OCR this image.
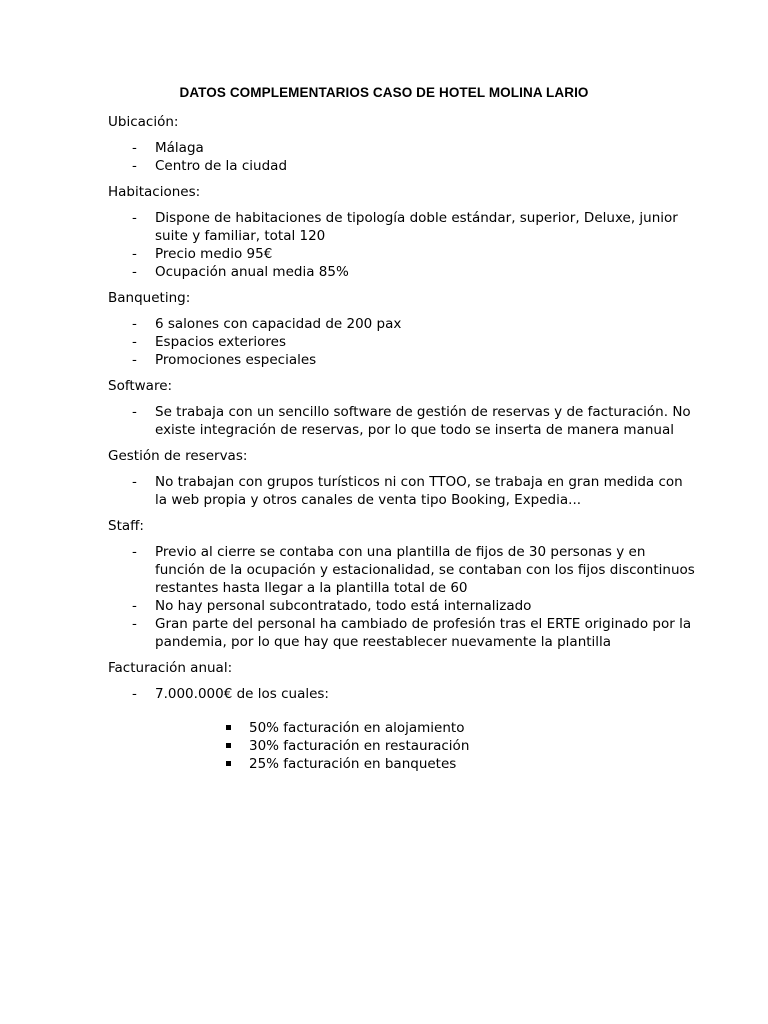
DATOS COMPLEMENTARIOS CASO DE HOTEL MOLINA LARIO
Ubicación:
- Málaga
- Centro de la ciudad
Habitaciones:
- Dispone de habitaciones de tipología doble estándar, superior, Deluxe, junior
suite y familiar, total 120
- Precio medio 95€
- Ocupación anual media 85%
Banqueting:
- 6 salones con capacidad de 200 pax
- Espacios exteriores
- Promociones especiales
Software:
- Se trabaja con un sencillo software de gestión de reservas y de facturación. No
existe integración de reservas, por lo que todo se inserta de manera manual
Gestión de reservas:
- No trabajan con grupos turísticos ni con TTOO, se trabaja en gran medida con
la web propia y otros canales de venta tipo Booking, Expedia...
Staff:
- Previo al cierre se contaba con una plantilla de fijos de 30 personas y en
función de la ocupación y estacionalidad, se contaban con los fijos discontinuos
restantes hasta llegar a la plantilla total de 60
- No hay personal subcontratado, todo está internalizado
- Gran parte del personal ha cambiado de profesión tras el ERTE originado por la
pandemia, por lo que hay que reestablecer nuevamente la plantilla
Facturación anual:
- 7.000.000€ de los cuales:
50% facturación en alojamiento
30% facturación en restauración
25% facturación en banquetes
